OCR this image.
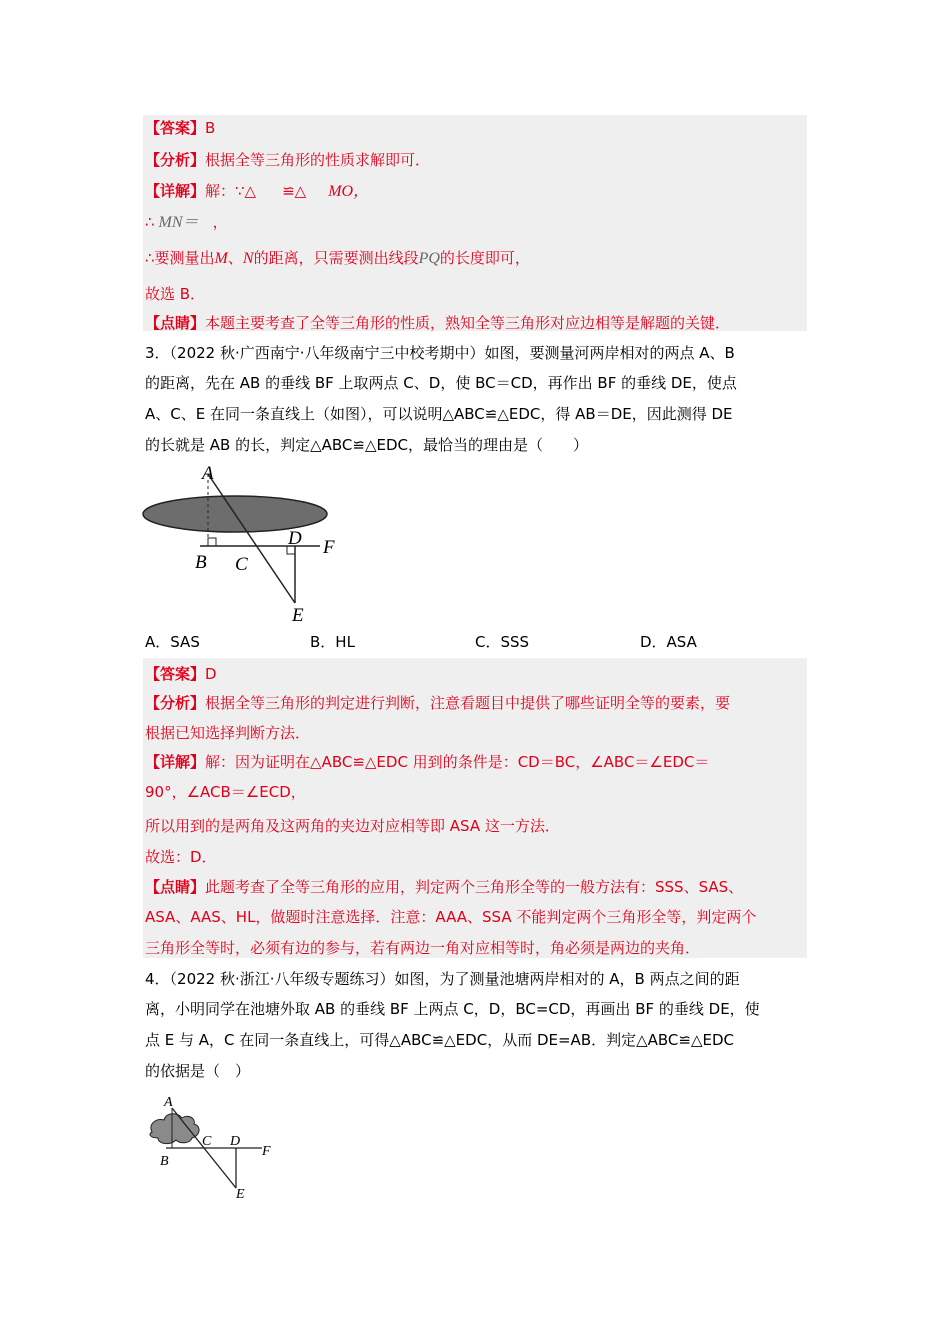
【答案】B
【分析】根据全等三角形的性质求解即可．
【详解】解：∵△ ≌△ MO，
∴ MN＝ ，
∴要测量出M、N的距离，只需要测出线段PQ的长度即可，
故选 B．
【点睛】本题主要考查了全等三角形的性质，熟知全等三角形对应边相等是解题的关键．
3．（2022 秋·广西南宁·八年级南宁三中校考期中）如图，要测量河两岸相对的两点 A、B
的距离，先在 AB 的垂线 BF 上取两点 C、D，使 BC＝CD，再作出 BF 的垂线 DE，使点
A、C、E 在同一条直线上（如图），可以说明△ABC≌△EDC，得 AB＝DE，因此测得 DE
的长就是 AB 的长，判定△ABC≌△EDC，最恰当的理由是（　　）
A
B C
D F
E
A．SAS	B．HL	C．SSS	D．ASA
【答案】D
【分析】根据全等三角形的判定进行判断，注意看题目中提供了哪些证明全等的要素，要
根据已知选择判断方法．
【详解】解：因为证明在△ABC≌△EDC 用到的条件是：CD＝BC，∠ABC＝∠EDC＝
90°，∠ACB＝∠ECD，
所以用到的是两角及这两角的夹边对应相等即 ASA 这一方法．
故选：D．
【点睛】此题考查了全等三角形的应用，判定两个三角形全等的一般方法有：SSS、SAS、
ASA、AAS、HL，做题时注意选择．注意：AAA、SSA 不能判定两个三角形全等，判定两个
三角形全等时，必须有边的参与，若有两边一角对应相等时，角必须是两边的夹角．
4．（2022 秋·浙江·八年级专题练习）如图，为了测量池塘两岸相对的 A，B 两点之间的距
离，小明同学在池塘外取 AB 的垂线 BF 上两点 C，D，BC=CD，再画出 BF 的垂线 DE，使
点 E 与 A，C 在同一条直线上，可得△ABC≌△EDC，从而 DE=AB．判定△ABC≌△EDC
的依据是（　）
A
C D
F
B
E
